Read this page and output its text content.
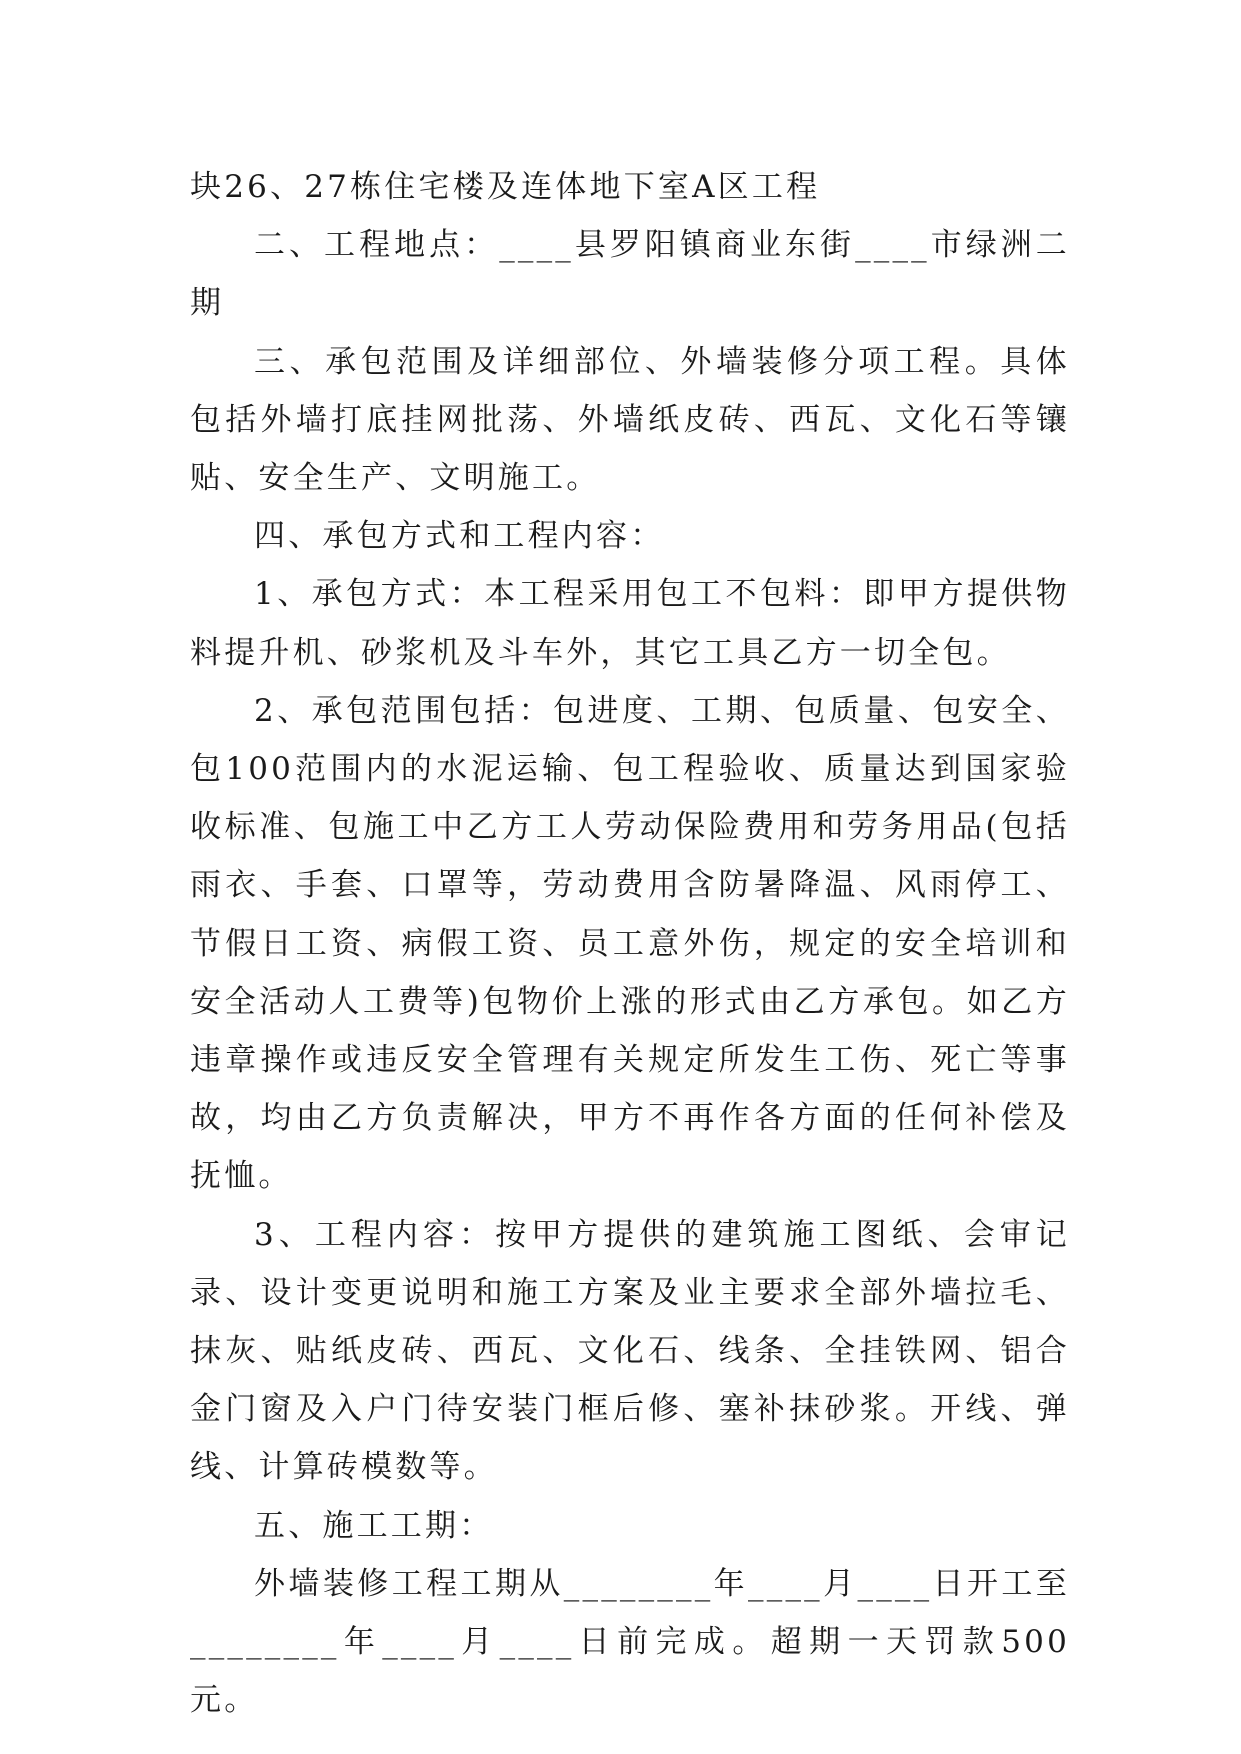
块26、27栋住宅楼及连体地下室A区工程

二、工程地点：____县罗阳镇商业东街____市绿洲二期

三、承包范围及详细部位、外墙装修分项工程。具体包括外墙打底挂网批荡、外墙纸皮砖、西瓦、文化石等镶贴、安全生产、文明施工。

四、承包方式和工程内容：

1、承包方式：本工程采用包工不包料：即甲方提供物料提升机、砂浆机及斗车外，其它工具乙方一切全包。

2、承包范围包括：包进度、工期、包质量、包安全、包100范围内的水泥运输、包工程验收、质量达到国家验收标准、包施工中乙方工人劳动保险费用和劳务用品(包括雨衣、手套、口罩等，劳动费用含防暑降温、风雨停工、节假日工资、病假工资、员工意外伤，规定的安全培训和安全活动人工费等)包物价上涨的形式由乙方承包。如乙方违章操作或违反安全管理有关规定所发生工伤、死亡等事故，均由乙方负责解决，甲方不再作各方面的任何补偿及抚恤。

3、工程内容：按甲方提供的建筑施工图纸、会审记录、设计变更说明和施工方案及业主要求全部外墙拉毛、抹灰、贴纸皮砖、西瓦、文化石、线条、全挂铁网、铝合金门窗及入户门待安装门框后修、塞补抹砂浆。开线、弹线、计算砖模数等。

五、施工工期：

外墙装修工程工期从________年____月____日开工至________年____月____日前完成。超期一天罚款500元。
